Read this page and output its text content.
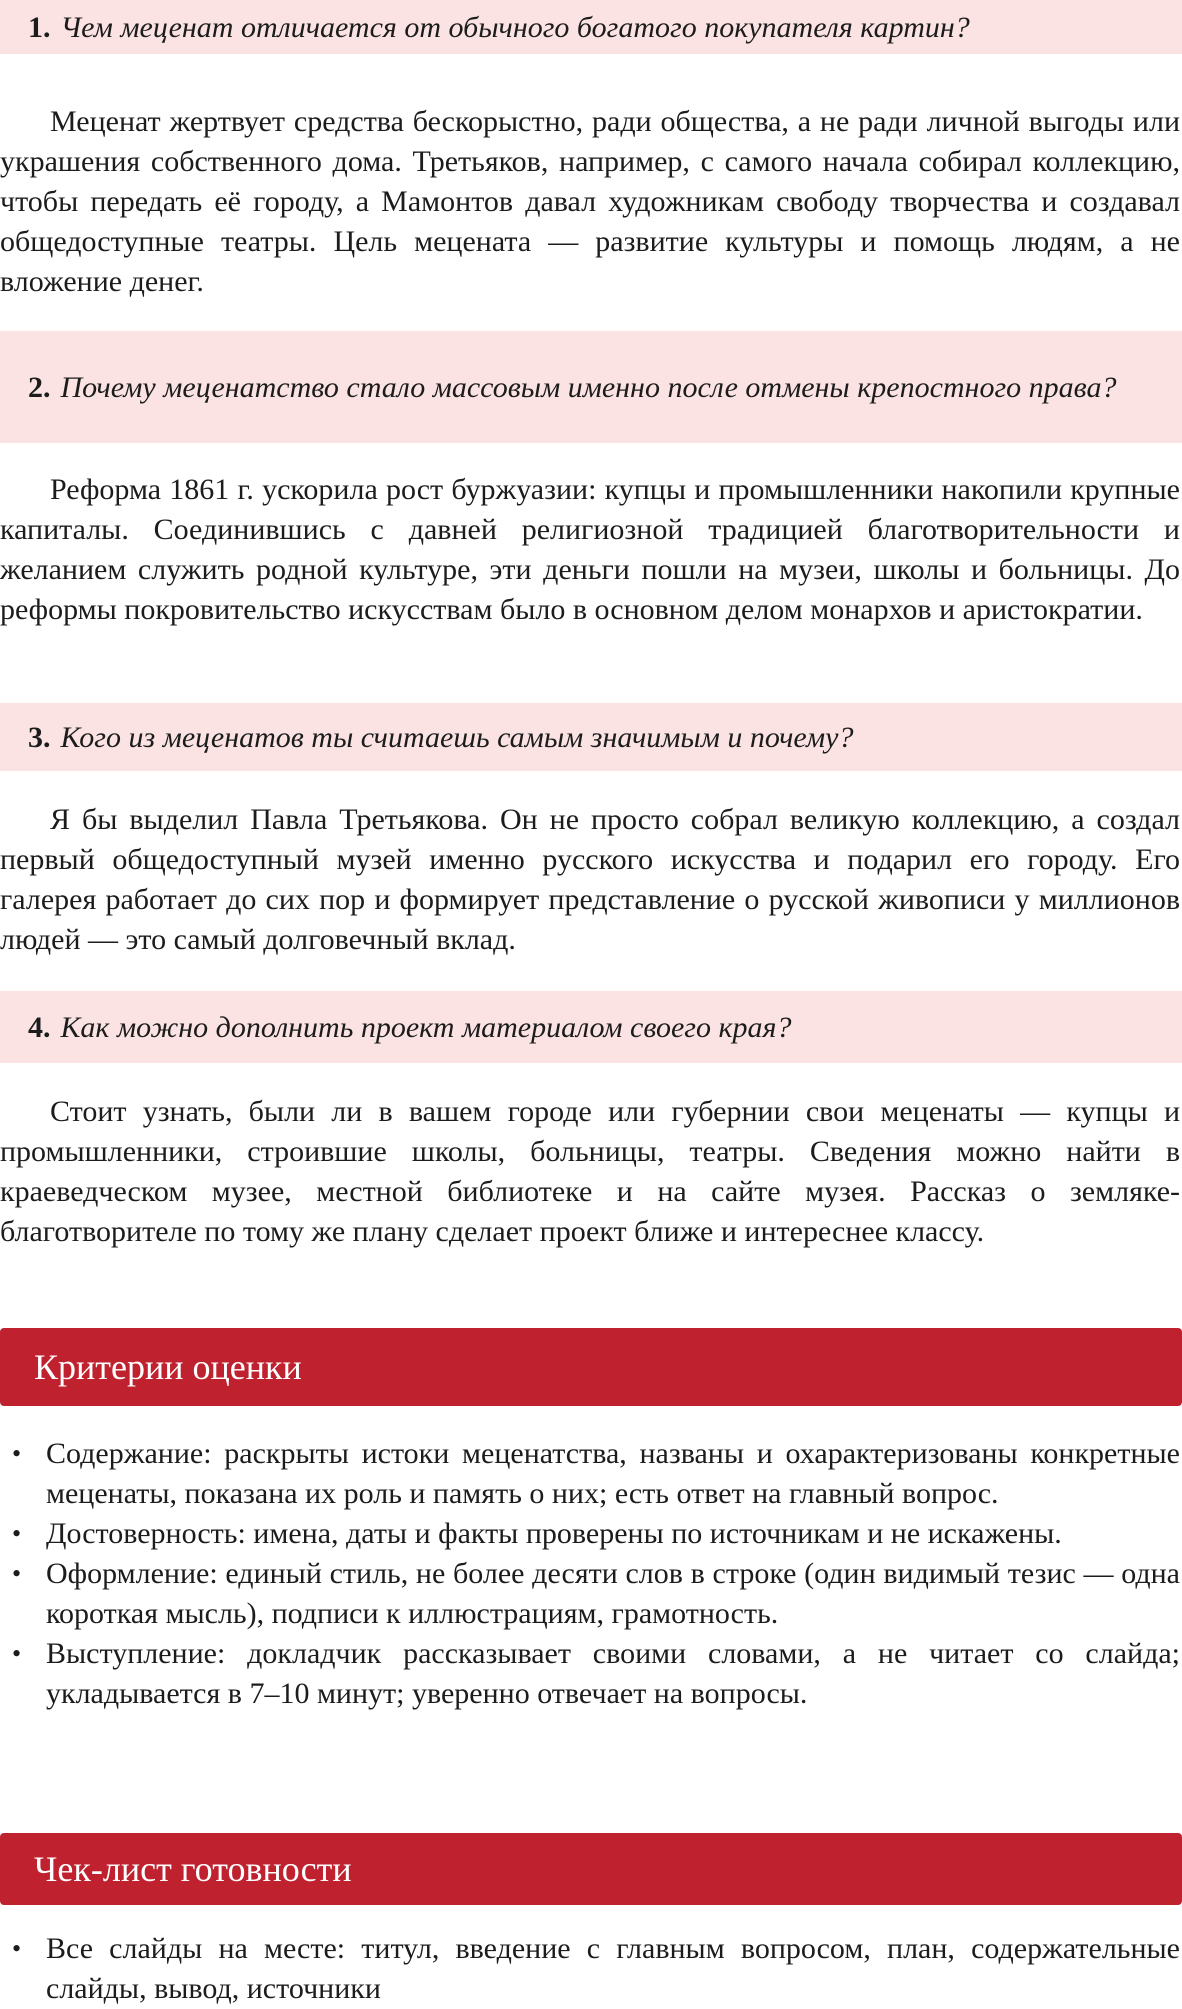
1. Чем меценат отличается от обычного богатого покупателя картин?
Меценат жертвует средства бескорыстно, ради общества, а не ради личной выгоды или украшения собственного дома. Третьяков, например, с самого начала собирал коллекцию, чтобы передать её городу, а Мамонтов давал художникам свободу творчества и создавал общедоступные театры. Цель мецената — развитие культуры и помощь людям, а не вложение денег.
2. Почему меценатство стало массовым именно после отмены крепостного права?
Реформа 1861 г. ускорила рост буржуазии: купцы и промышленники накопили крупные капиталы. Соединившись с давней религиозной традицией благотворительности и желанием служить родной культуре, эти деньги пошли на музеи, школы и больницы. До реформы покровительство искусствам было в основном делом монархов и аристократии.
3. Кого из меценатов ты считаешь самым значимым и почему?
Я бы выделил Павла Третьякова. Он не просто собрал великую коллекцию, а создал первый общедоступный музей именно русского искусства и подарил его городу. Его галерея работает до сих пор и формирует представление о русской живописи у миллионов людей — это самый долговечный вклад.
4. Как можно дополнить проект материалом своего края?
Стоит узнать, были ли в вашем городе или губернии свои меценаты — купцы и промышленники, строившие школы, больницы, театры. Сведения можно найти в краеведческом музее, местной библиотеке и на сайте музея. Рассказ о земляке-благотворителе по тому же плану сделает проект ближе и интереснее классу.
Критерии оценки
• Содержание: раскрыты истоки меценатства, названы и охарактеризованы конкретные меценаты, показана их роль и память о них; есть ответ на главный вопрос.
• Достоверность: имена, даты и факты проверены по источникам и не искажены.
• Оформление: единый стиль, не более десяти слов в строке (один видимый тезис — одна короткая мысль), подписи к иллюстрациям, грамотность.
• Выступление: докладчик рассказывает своими словами, а не читает со слайда; укладывается в 7–10 минут; уверенно отвечает на вопросы.
Чек-лист готовности
• Все слайды на месте: титул, введение с главным вопросом, план, содержательные слайды, вывод, источники
